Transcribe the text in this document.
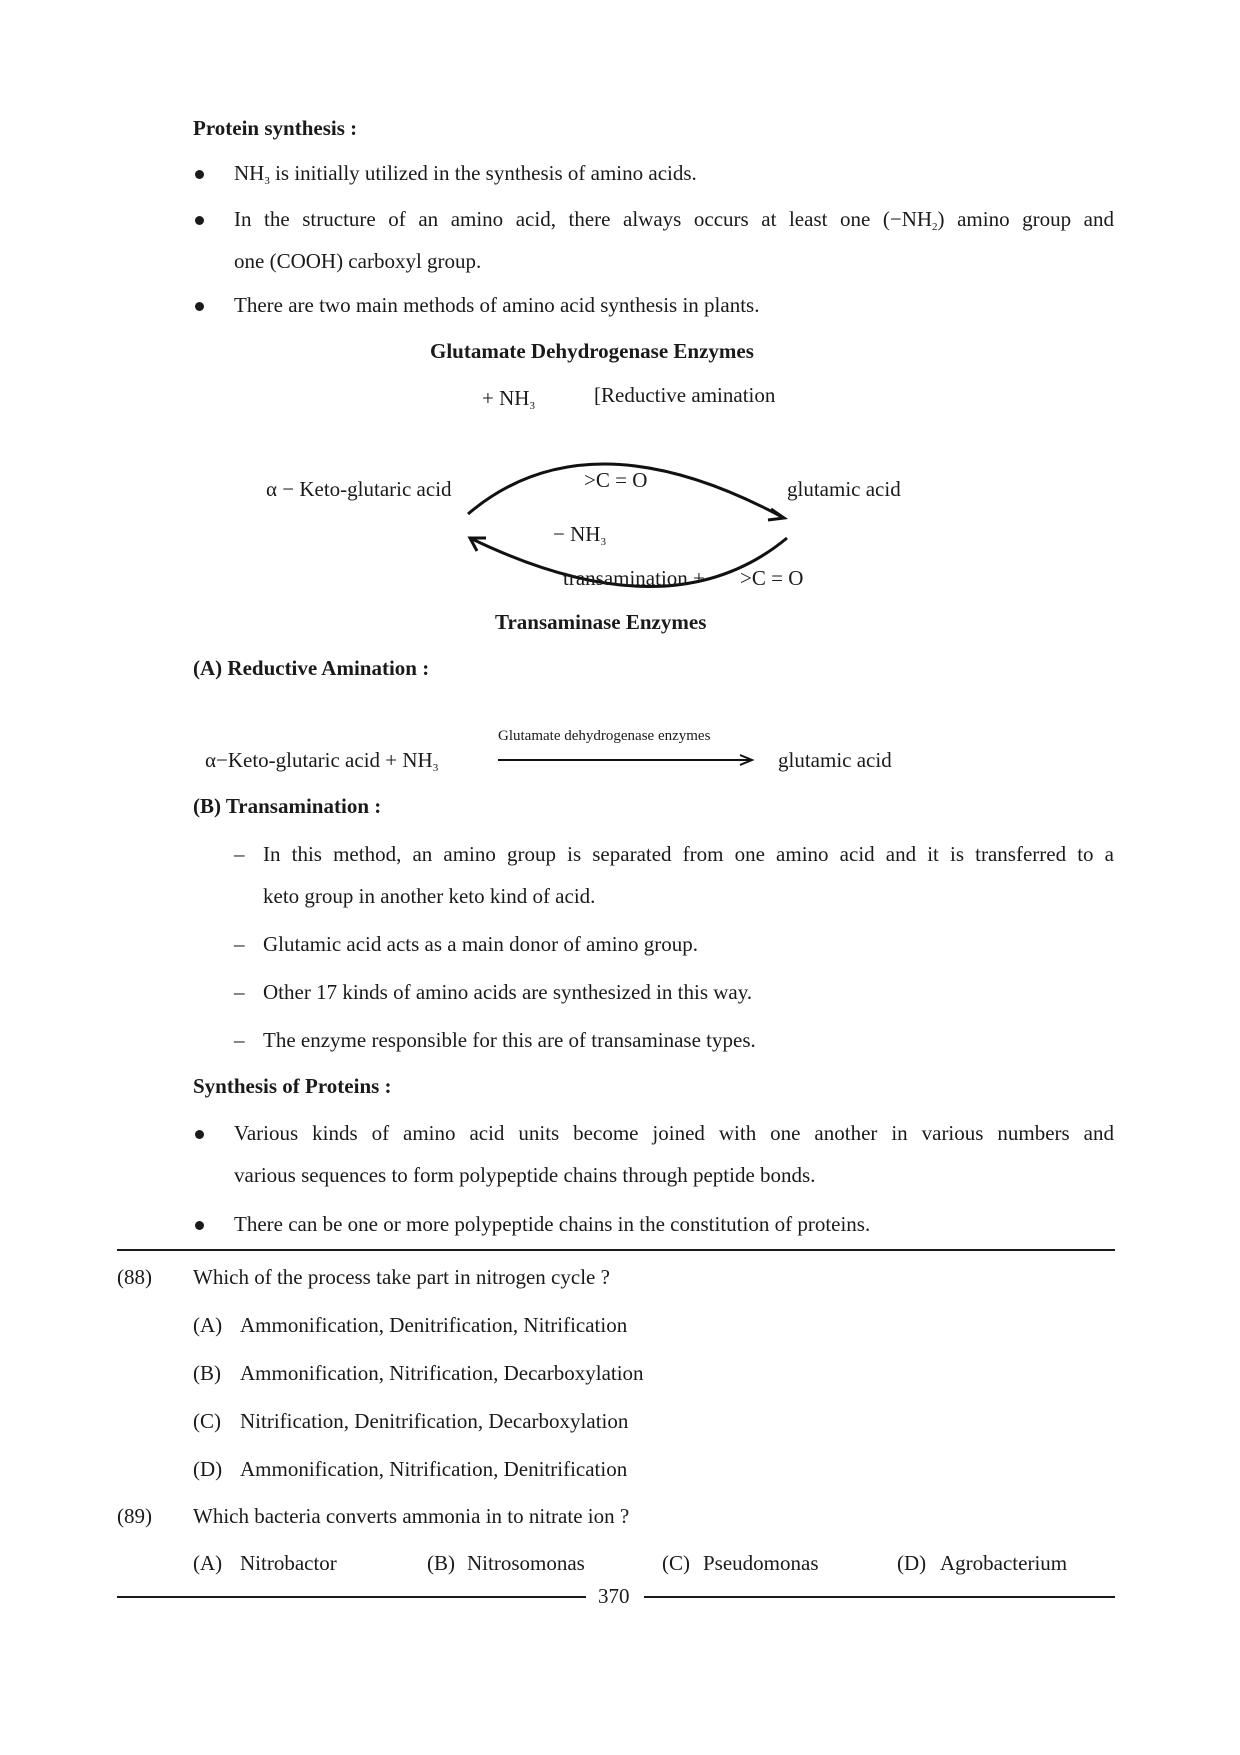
Protein synthesis :
$NH_3$ is initially utilized in the synthesis of amino acids.
In the structure of an amino acid, there always occurs at least one $(-NH_2)$ amino group and
one (COOH) carboxyl group.
There are two main methods of amino acid synthesis in plants.
Glutamate Dehydrogenase Enzymes
+ $NH_3$	[Reductive amination
α − Keto-glutaric acid	glutamic acid
>C = O
− $NH_3$
transamination + >C = O
Transaminase Enzymes
(A) Reductive Amination :
α−Keto-glutaric acid + $NH_3$
Glutamate dehydrogenase enzymes
glutamic acid
(B) Transamination :
– In this method, an amino group is separated from one amino acid and it is transferred to a
keto group in another keto kind of acid.
– Glutamic acid acts as a main donor of amino group.
– Other 17 kinds of amino acids are synthesized in this way.
– The enzyme responsible for this are of transaminase types.
Synthesis of Proteins :
Various kinds of amino acid units become joined with one another in various numbers and
various sequences to form polypeptide chains through peptide bonds.
There can be one or more polypeptide chains in the constitution of proteins.
(88) Which of the process take part in nitrogen cycle ?
(A) Ammonification, Denitrification, Nitrification
(B) Ammonification, Nitrification, Decarboxylation
(C) Nitrification, Denitrification, Decarboxylation
(D) Ammonification, Nitrification, Denitrification
(89) Which bacteria converts ammonia in to nitrate ion ?
(A) Nitrobactor	(B) Nitrosomonas	(C) Pseudomonas	(D) Agrobacterium
370
